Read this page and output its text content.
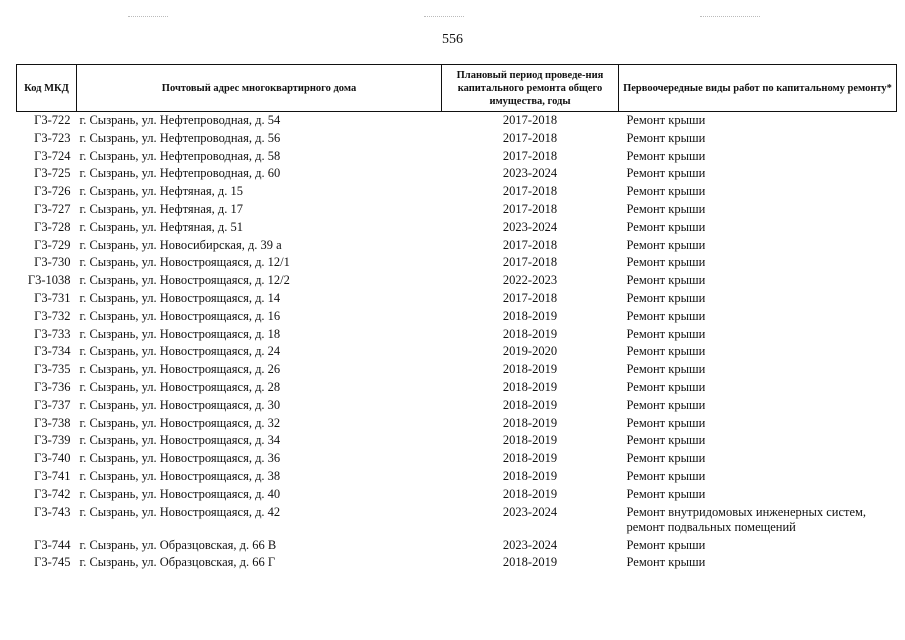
556
Код МКД	Почтовый адрес многоквартирного дома	Плановый период проведе-ния капитального ремонта общего имущества, годы	Первоочередные виды работ по капитальному ремонту*
Г3-722	г. Сызрань, ул. Нефтепроводная, д. 54	2017-2018	Ремонт крыши
Г3-723	г. Сызрань, ул. Нефтепроводная, д. 56	2017-2018	Ремонт крыши
Г3-724	г. Сызрань, ул. Нефтепроводная, д. 58	2017-2018	Ремонт крыши
Г3-725	г. Сызрань, ул. Нефтепроводная, д. 60	2023-2024	Ремонт крыши
Г3-726	г. Сызрань, ул. Нефтяная, д. 15	2017-2018	Ремонт крыши
Г3-727	г. Сызрань, ул. Нефтяная, д. 17	2017-2018	Ремонт крыши
Г3-728	г. Сызрань, ул. Нефтяная, д. 51	2023-2024	Ремонт крыши
Г3-729	г. Сызрань, ул. Новосибирская, д. 39 а	2017-2018	Ремонт крыши
Г3-730	г. Сызрань, ул. Новостроящаяся, д. 12/1	2017-2018	Ремонт крыши
Г3-1038	г. Сызрань, ул. Новостроящаяся, д. 12/2	2022-2023	Ремонт крыши
Г3-731	г. Сызрань, ул. Новостроящаяся, д. 14	2017-2018	Ремонт крыши
Г3-732	г. Сызрань, ул. Новостроящаяся, д. 16	2018-2019	Ремонт крыши
Г3-733	г. Сызрань, ул. Новостроящаяся, д. 18	2018-2019	Ремонт крыши
Г3-734	г. Сызрань, ул. Новостроящаяся, д. 24	2019-2020	Ремонт крыши
Г3-735	г. Сызрань, ул. Новостроящаяся, д. 26	2018-2019	Ремонт крыши
Г3-736	г. Сызрань, ул. Новостроящаяся, д. 28	2018-2019	Ремонт крыши
Г3-737	г. Сызрань, ул. Новостроящаяся, д. 30	2018-2019	Ремонт крыши
Г3-738	г. Сызрань, ул. Новостроящаяся, д. 32	2018-2019	Ремонт крыши
Г3-739	г. Сызрань, ул. Новостроящаяся, д. 34	2018-2019	Ремонт крыши
Г3-740	г. Сызрань, ул. Новостроящаяся, д. 36	2018-2019	Ремонт крыши
Г3-741	г. Сызрань, ул. Новостроящаяся, д. 38	2018-2019	Ремонт крыши
Г3-742	г. Сызрань, ул. Новостроящаяся, д. 40	2018-2019	Ремонт крыши
Г3-743	г. Сызрань, ул. Новостроящаяся, д. 42	2023-2024	Ремонт внутридомовых инженерных систем, ремонт подвальных помещений
Г3-744	г. Сызрань, ул. Образцовская, д. 66 В	2023-2024	Ремонт крыши
Г3-745	г. Сызрань, ул. Образцовская, д. 66 Г	2018-2019	Ремонт крыши
